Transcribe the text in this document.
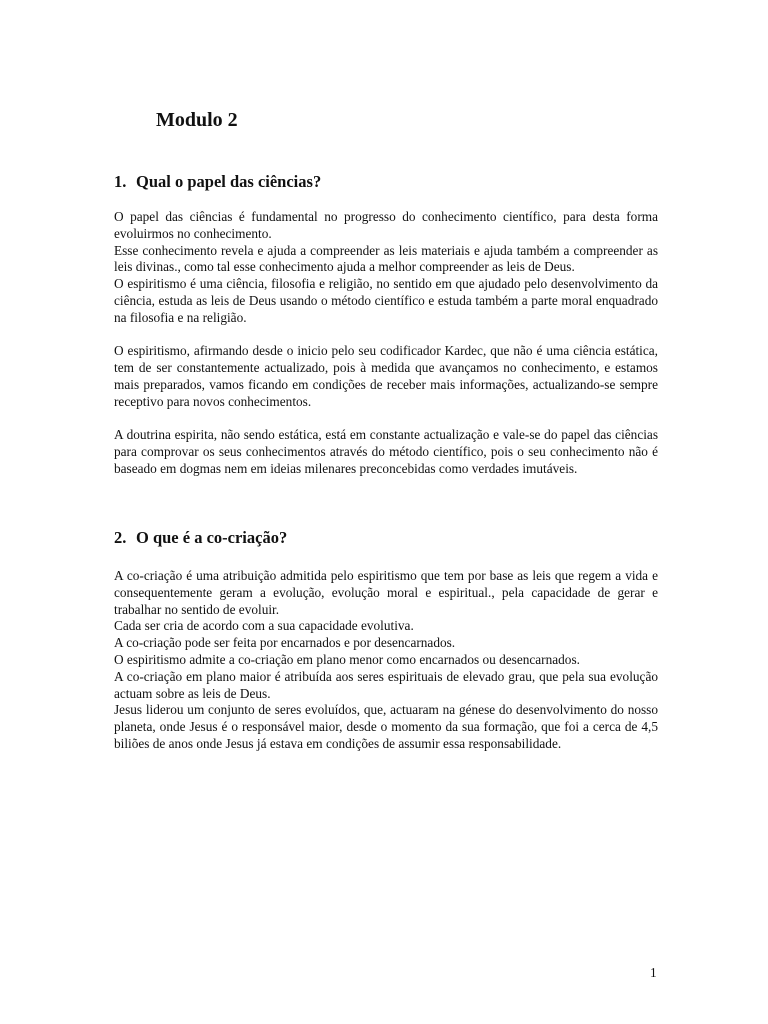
Modulo 2
1. Qual o papel das ciências?

O papel das ciências é fundamental no progresso do conhecimento científico, para desta forma evoluirmos no conhecimento.

Esse conhecimento revela e ajuda a compreender as leis materiais e ajuda também a compreender as leis divinas., como tal esse conhecimento ajuda a melhor compreender as leis de Deus.

O espiritismo é uma ciência, filosofia e religião, no sentido em que ajudado pelo desenvolvimento da ciência, estuda as leis de Deus usando o método científico e estuda também a parte moral enquadrado na filosofia e na religião.

O espiritismo, afirmando desde o inicio pelo seu codificador Kardec, que não é uma ciência estática, tem de ser constantemente actualizado, pois à medida que avançamos no conhecimento, e estamos mais preparados, vamos ficando em condições de receber mais informações, actualizando-se sempre receptivo para novos conhecimentos.

A doutrina espirita, não sendo estática, está em constante actualização e vale-se do papel das ciências para comprovar os seus conhecimentos através do método científico, pois o seu conhecimento não é baseado em dogmas nem em ideias milenares preconcebidas como verdades imutáveis.

2. O que é a co-criação?

A co-criação é uma atribuição admitida pelo espiritismo que tem por base as leis que regem a vida e consequentemente geram a evolução, evolução moral e espiritual., pela capacidade de gerar e trabalhar no sentido de evoluir.

Cada ser cria de acordo com a sua capacidade evolutiva.

A co-criação pode ser feita por encarnados e por desencarnados.

O espiritismo admite a co-criação em plano menor como encarnados ou desencarnados.

A co-criação em plano maior é atribuída aos seres espirituais de elevado grau, que pela sua evolução actuam sobre as leis de Deus.

Jesus liderou um conjunto de seres evoluídos, que, actuaram na génese do desenvolvimento do nosso planeta, onde Jesus é o responsável maior, desde o momento da sua formação, que foi a cerca de 4,5 biliões de anos onde Jesus já estava em condições de assumir essa responsabilidade.

1
